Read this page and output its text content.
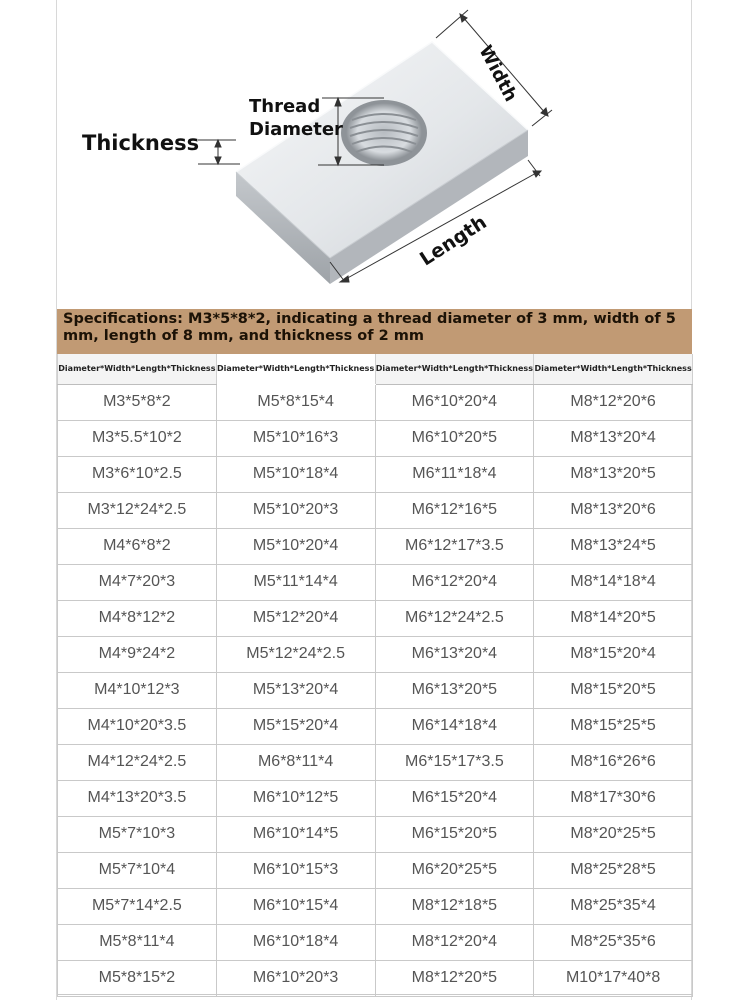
Thickness
Thread
Diameter
Width
Length
Specifications: M3*5*8*2, indicating a thread diameter of 3 mm, width of 5 mm, length of 8 mm, and thickness of 2 mm
Diameter*Width*Length*Thickness	Diameter*Width*Length*Thickness	Diameter*Width*Length*Thickness	Diameter*Width*Length*Thickness
M3*5*8*2	M5*8*15*4	M6*10*20*4	M8*12*20*6
M3*5.5*10*2	M5*10*16*3	M6*10*20*5	M8*13*20*4
M3*6*10*2.5	M5*10*18*4	M6*11*18*4	M8*13*20*5
M3*12*24*2.5	M5*10*20*3	M6*12*16*5	M8*13*20*6
M4*6*8*2	M5*10*20*4	M6*12*17*3.5	M8*13*24*5
M4*7*20*3	M5*11*14*4	M6*12*20*4	M8*14*18*4
M4*8*12*2	M5*12*20*4	M6*12*24*2.5	M8*14*20*5
M4*9*24*2	M5*12*24*2.5	M6*13*20*4	M8*15*20*4
M4*10*12*3	M5*13*20*4	M6*13*20*5	M8*15*20*5
M4*10*20*3.5	M5*15*20*4	M6*14*18*4	M8*15*25*5
M4*12*24*2.5	M6*8*11*4	M6*15*17*3.5	M8*16*26*6
M4*13*20*3.5	M6*10*12*5	M6*15*20*4	M8*17*30*6
M5*7*10*3	M6*10*14*5	M6*15*20*5	M8*20*25*5
M5*7*10*4	M6*10*15*3	M6*20*25*5	M8*25*28*5
M5*7*14*2.5	M6*10*15*4	M8*12*18*5	M8*25*35*4
M5*8*11*4	M6*10*18*4	M8*12*20*4	M8*25*35*6
M5*8*15*2	M6*10*20*3	M8*12*20*5	M10*17*40*8
